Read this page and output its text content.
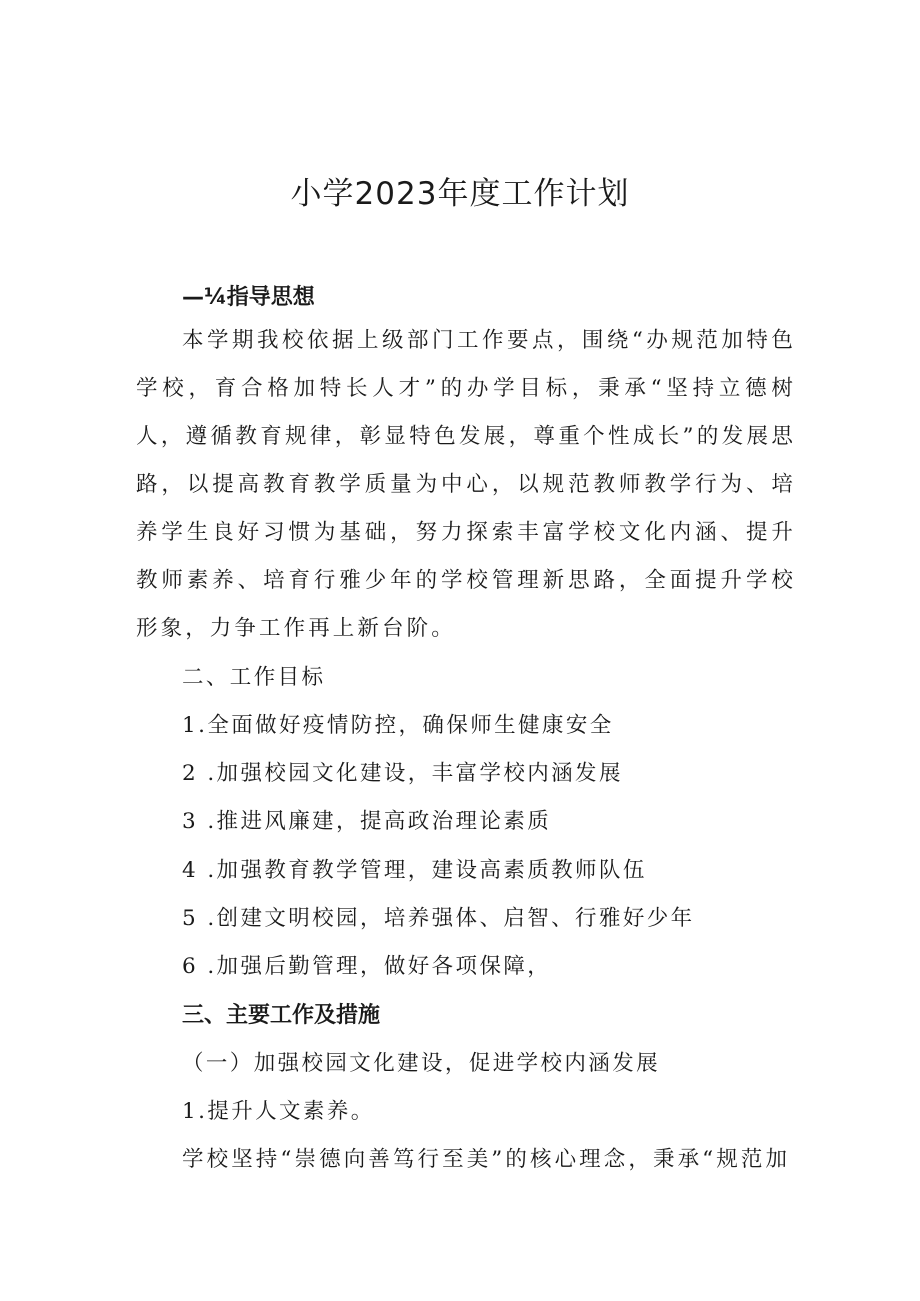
小学2023年度工作计划
—¼指导思想
本学期我校依据上级部门工作要点，围绕“办规范加特色学校，育合格加特长人才”的办学目标，秉承“坚持立德树人，遵循教育规律，彰显特色发展，尊重个性成长”的发展思路，以提高教育教学质量为中心，以规范教师教学行为、培养学生良好习惯为基础，努力探索丰富学校文化内涵、提升教师素养、培育行雅少年的学校管理新思路，全面提升学校形象，力争工作再上新台阶。
二、工作目标
1.全面做好疫情防控，确保师生健康安全
2 .加强校园文化建设，丰富学校内涵发展
3 .推进风廉建，提高政治理论素质
4 .加强教育教学管理，建设高素质教师队伍
5 .创建文明校园，培养强体、启智、行雅好少年
6 .加强后勤管理，做好各项保障，
三、主要工作及措施
（一）加强校园文化建设，促进学校内涵发展
1.提升人文素养。
学校坚持“崇德向善笃行至美”的核心理念，秉承“规范加
